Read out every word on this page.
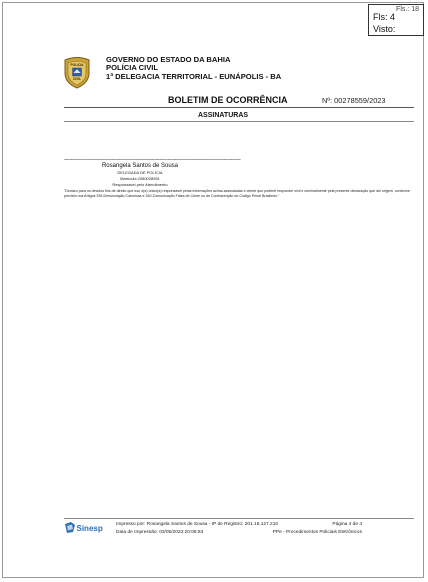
Fls.: 18
Fls: 4
Visto:
POLICIA
CIVIL
GOVERNO DO ESTADO DA BAHIA
POLÍCIA CIVIL
1ª DELEGACIA TERRITORIAL - EUNÁPOLIS - BA
BOLETIM DE OCORRÊNCIA	Nº: 00278559/2023
ASSINATURAS
--------------------------------------------------------------------------------------------------------
Rosangela Santos de Sousa
DELEGADA DE POLÍCIA
Matrícula 2080028951
Responsável pelo Atendimento
"Declaro para os devidos fins de direito que sou o(a) único(a) responsável pelas informações acima assinaladas e ciente que poderei responder civil e criminalmente pela presente declaração que dei origem, conforme previsto nos Artigos 339-Denunciação Caluniosa e 340-Comunicação Falsa de Crime ou de Contravenção do Código Penal Brasileiro."
Sinesp	Impresso por: Rosangela Santos de Sousa - IP de Registro: 201.18.127.210
Data de Impressão: 03/05/2023 20:06:53
Página 4 de 4
PPe - Procedimentos Policiais Eletrônicos
